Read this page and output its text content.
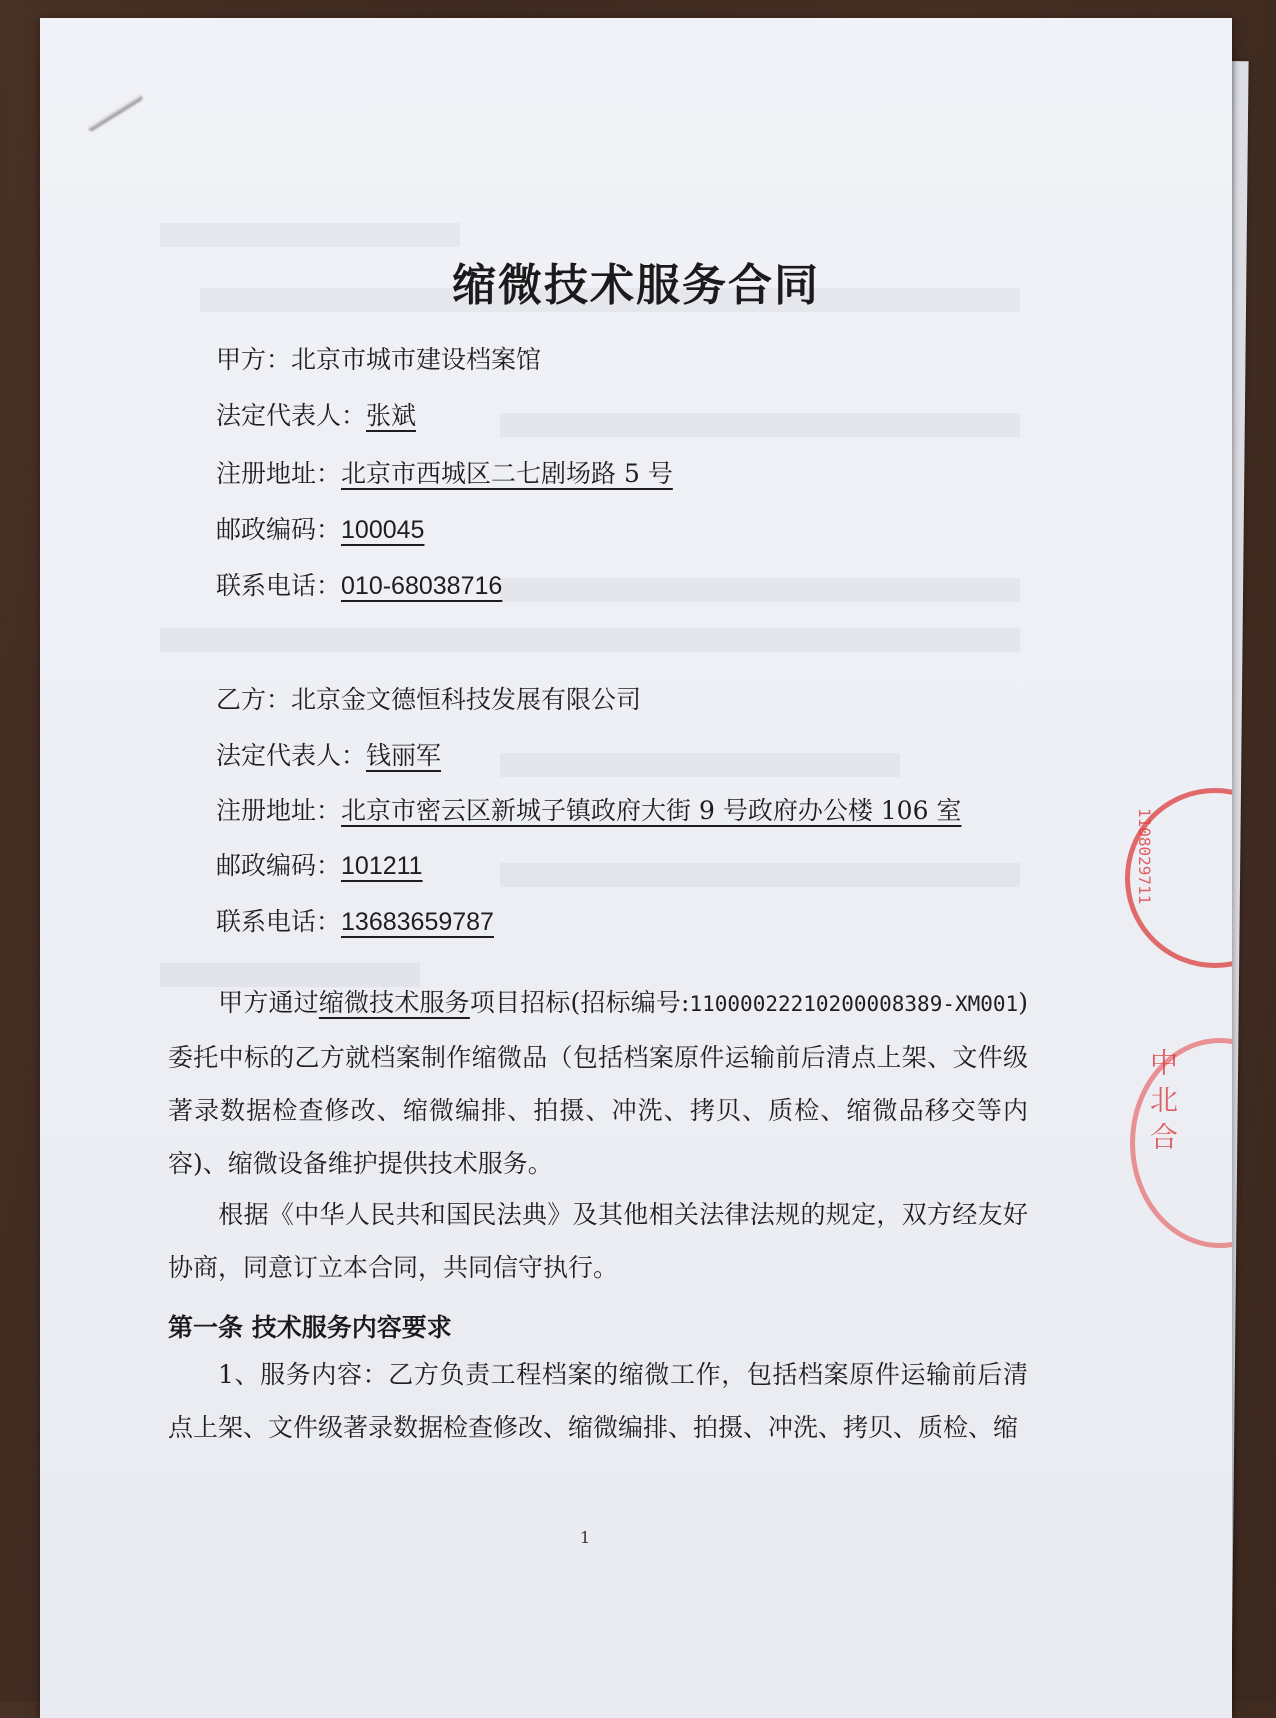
缩微技术服务合同
甲方：北京市城市建设档案馆
法定代表人：张斌
注册地址：北京市西城区二七剧场路 5 号
邮政编码：100045
联系电话：010-68038716
乙方：北京金文德恒科技发展有限公司
法定代表人：钱丽军
注册地址：北京市密云区新城子镇政府大街 9 号政府办公楼 106 室
邮政编码：101211
联系电话：13683659787
甲方通过缩微技术服务项目招标(招标编号:11000022210200008389-XM001)委托中标的乙方就档案制作缩微品（包括档案原件运输前后清点上架、文件级著录数据检查修改、缩微编排、拍摄、冲洗、拷贝、质检、缩微品移交等内容)、缩微设备维护提供技术服务。
根据《中华人民共和国民法典》及其他相关法律法规的规定，双方经友好协商，同意订立本合同，共同信守执行。
第一条 技术服务内容要求
1、服务内容：乙方负责工程档案的缩微工作，包括档案原件运输前后清点上架、文件级著录数据检查修改、缩微编排、拍摄、冲洗、拷贝、质检、缩
1
1108029711
中 北 合
